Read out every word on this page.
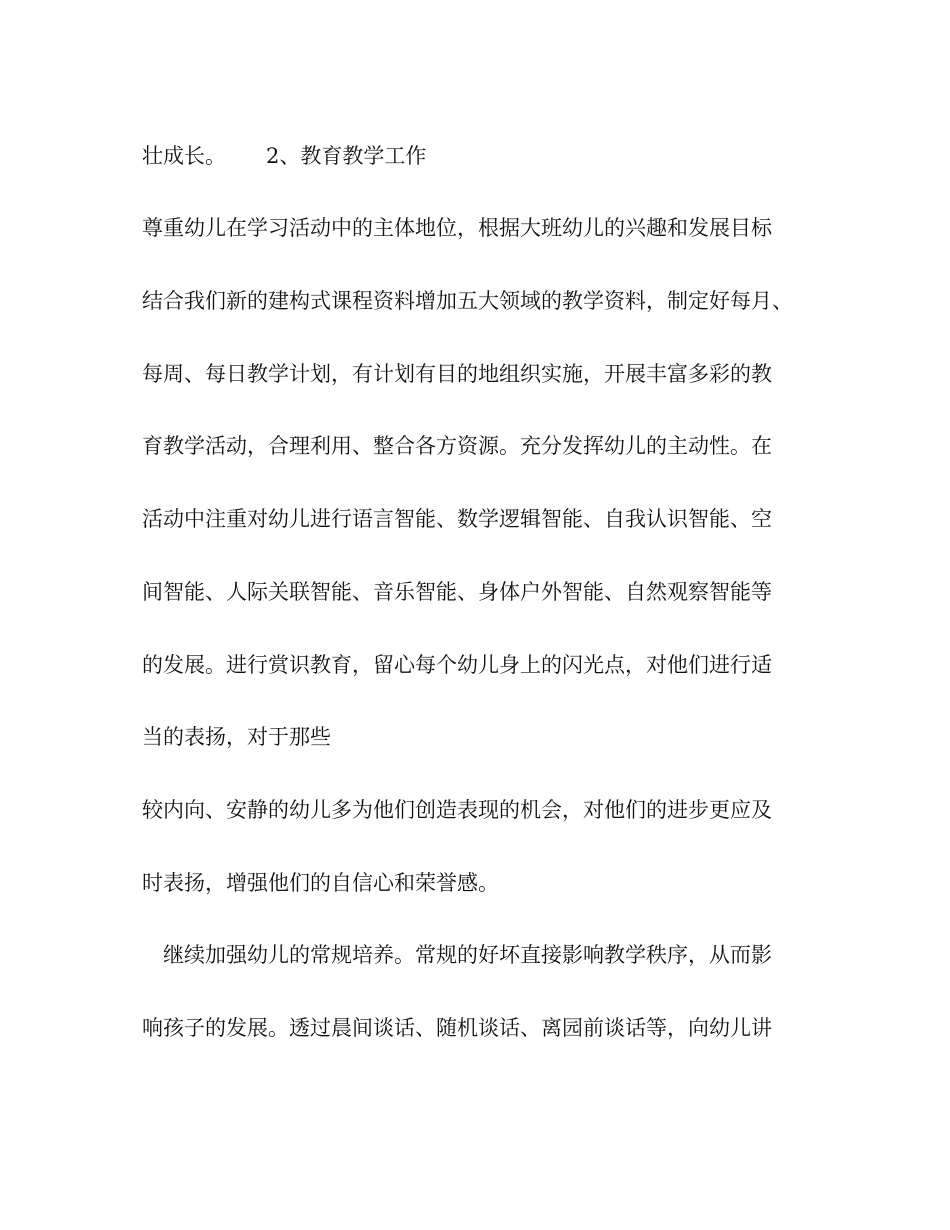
壮成长。 2、教育教学工作
尊重幼儿在学习活动中的主体地位，根据大班幼儿的兴趣和发展目标
结合我们新的建构式课程资料增加五大领域的教学资料，制定好每月、
每周、每日教学计划，有计划有目的地组织实施，开展丰富多彩的教
育教学活动，合理利用、整合各方资源。充分发挥幼儿的主动性。在
活动中注重对幼儿进行语言智能、数学逻辑智能、自我认识智能、空
间智能、人际关联智能、音乐智能、身体户外智能、自然观察智能等
的发展。进行赏识教育，留心每个幼儿身上的闪光点，对他们进行适
当的表扬，对于那些
较内向、安静的幼儿多为他们创造表现的机会，对他们的进步更应及
时表扬，增强他们的自信心和荣誉感。
继续加强幼儿的常规培养。常规的好坏直接影响教学秩序，从而影
响孩子的发展。透过晨间谈话、随机谈话、离园前谈话等，向幼儿讲
